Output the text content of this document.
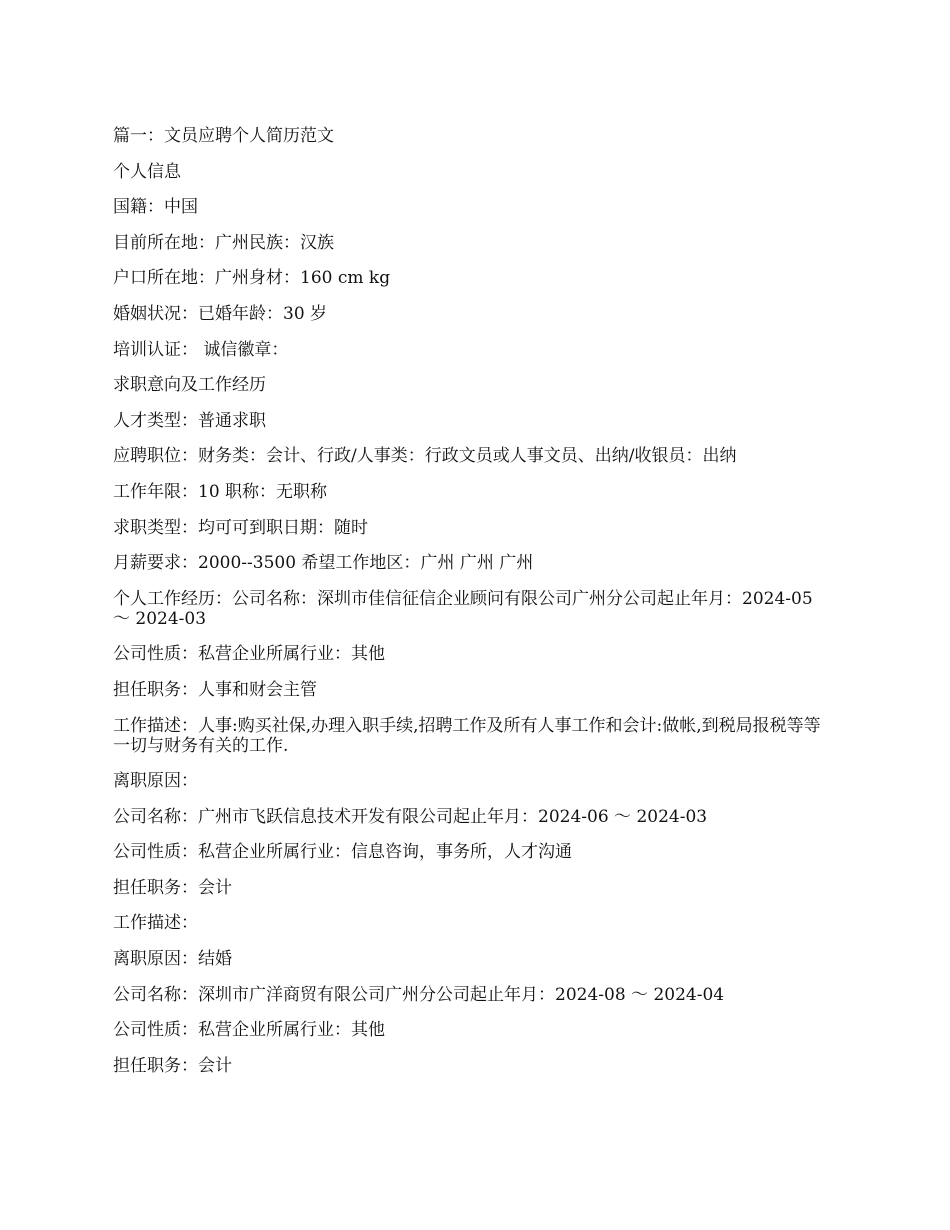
篇一：文员应聘个人简历范文

个人信息

国籍：中国

目前所在地：广州民族：汉族

户口所在地：广州身材：160 cm kg

婚姻状况：已婚年龄：30 岁

培训认证： 诚信徽章：

求职意向及工作经历

人才类型：普通求职

应聘职位：财务类：会计、行政/人事类：行政文员或人事文员、出纳/收银员：出纳

工作年限：10 职称：无职称

求职类型：均可可到职日期：随时

月薪要求：2000--3500 希望工作地区：广州 广州 广州

个人工作经历：公司名称：深圳市佳信征信企业顾问有限公司广州分公司起止年月：2024-05 ～ 2024-03

公司性质：私营企业所属行业：其他

担任职务：人事和财会主管

工作描述：人事:购买社保,办理入职手续,招聘工作及所有人事工作和会计:做帐,到税局报税等等一切与财务有关的工作.

离职原因：

公司名称：广州市飞跃信息技术开发有限公司起止年月：2024-06 ～ 2024-03

公司性质：私营企业所属行业：信息咨询，事务所，人才沟通

担任职务：会计

工作描述：

离职原因：结婚

公司名称：深圳市广洋商贸有限公司广州分公司起止年月：2024-08 ～ 2024-04

公司性质：私营企业所属行业：其他

担任职务：会计
